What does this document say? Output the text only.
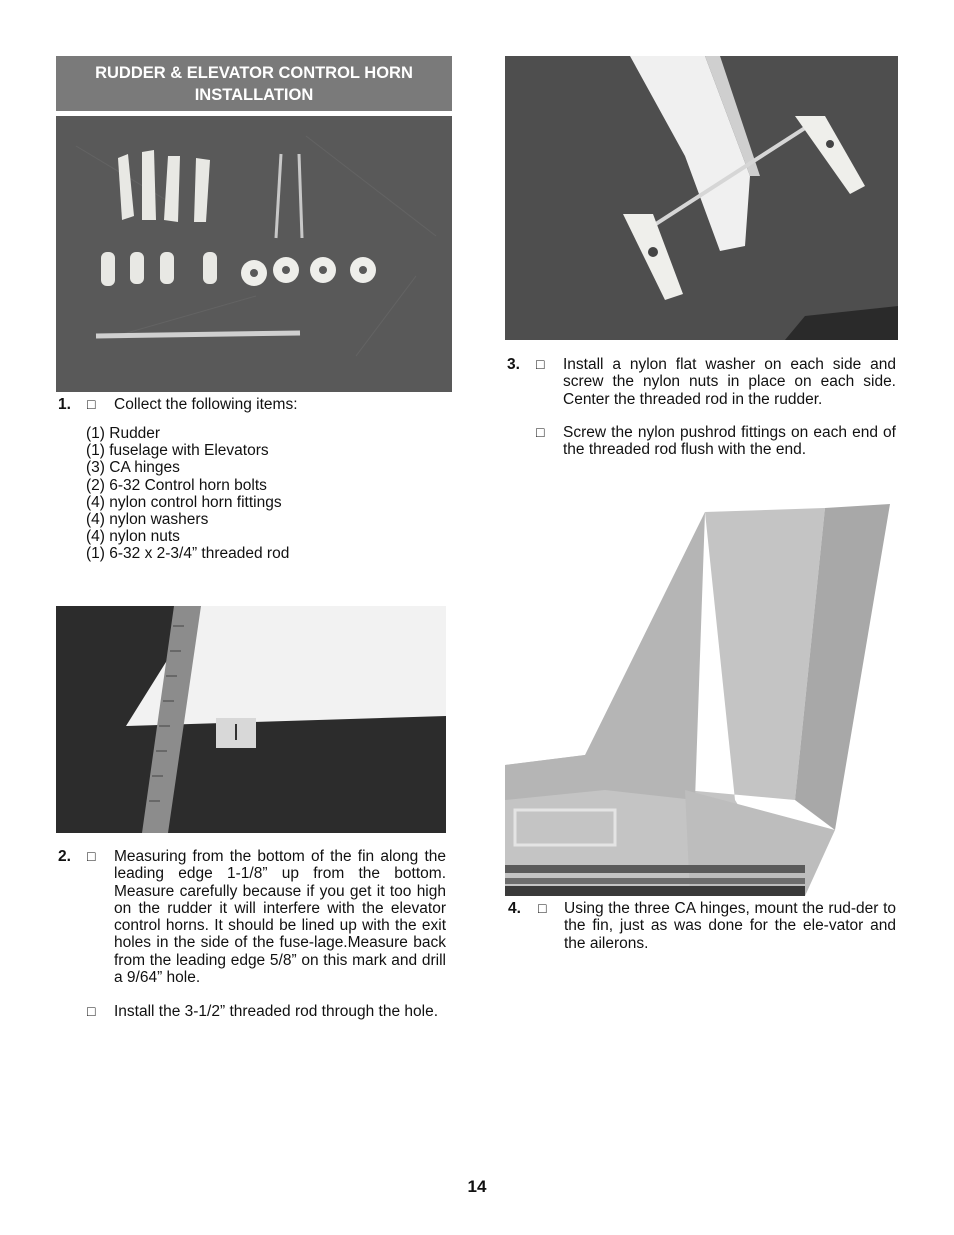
RUDDER & ELEVATOR CONTROL HORN
INSTALLATION
1. □ Collect the following items:
(1) Rudder
(1) fuselage with Elevators
(3) CA hinges
(2) 6-32 Control horn bolts
(4) nylon control horn fittings
(4) nylon washers
(4) nylon nuts
(1) 6-32 x 2-3/4” threaded rod
2. □ Measuring from the bottom of the fin along the leading edge 1-1/8” up from the bottom. Measure carefully because if you get it too high on the rudder it will interfere with the elevator control horns. It should be lined up with the exit holes in the side of the fuse-lage.Measure back from the leading edge 5/8” on this mark and drill a 9/64” hole.
□ Install the 3-1/2” threaded rod through the hole.
3. □ Install a nylon flat washer on each side and screw the nylon nuts in place on each side. Center the threaded rod in the rudder.
□ Screw the nylon pushrod fittings on each end of the threaded rod flush with the end.
4. □ Using the three CA hinges, mount the rud-der to the fin, just as was done for the ele-vator and the ailerons.
14
